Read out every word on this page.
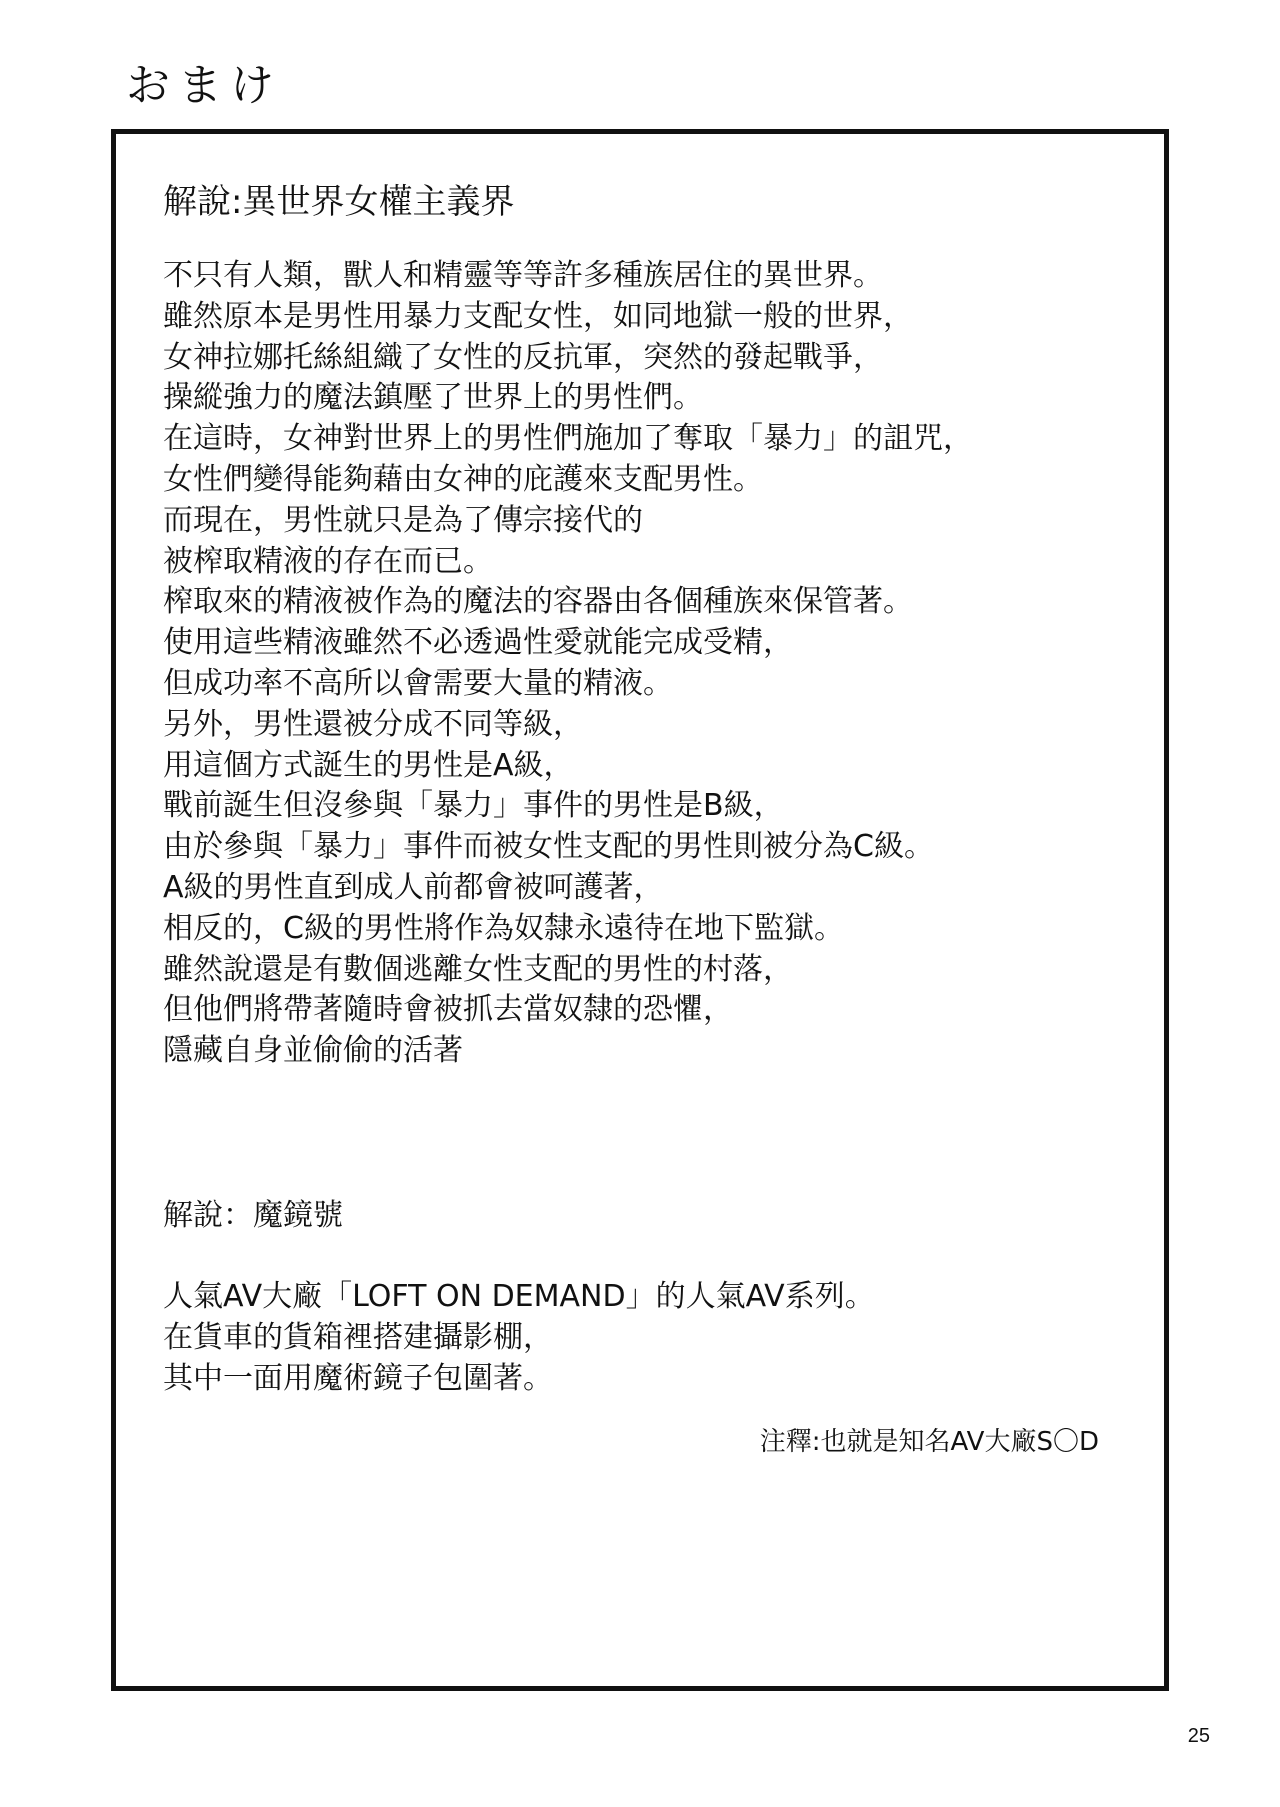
おまけ
解說:異世界女權主義界
不只有人類，獸人和精靈等等許多種族居住的異世界。
雖然原本是男性用暴力支配女性，如同地獄一般的世界，
女神拉娜托絲組織了女性的反抗軍，突然的發起戰爭，
操縱強力的魔法鎮壓了世界上的男性們。
在這時，女神對世界上的男性們施加了奪取「暴力」的詛咒，
女性們變得能夠藉由女神的庇護來支配男性。
而現在，男性就只是為了傳宗接代的
被榨取精液的存在而已。
榨取來的精液被作為的魔法的容器由各個種族來保管著。
使用這些精液雖然不必透過性愛就能完成受精，
但成功率不高所以會需要大量的精液。
另外，男性還被分成不同等級，
用這個方式誕生的男性是A級，
戰前誕生但沒參與「暴力」事件的男性是B級，
由於參與「暴力」事件而被女性支配的男性則被分為C級。
A級的男性直到成人前都會被呵護著，
相反的，C級的男性將作為奴隸永遠待在地下監獄。
雖然說還是有數個逃離女性支配的男性的村落，
但他們將帶著隨時會被抓去當奴隸的恐懼，
隱藏自身並偷偷的活著
解說：魔鏡號
人氣AV大廠「LOFT ON DEMAND」的人氣AV系列。
在貨車的貨箱裡搭建攝影棚，
其中一面用魔術鏡子包圍著。
注釋:也就是知名AV大廠S〇D
25
